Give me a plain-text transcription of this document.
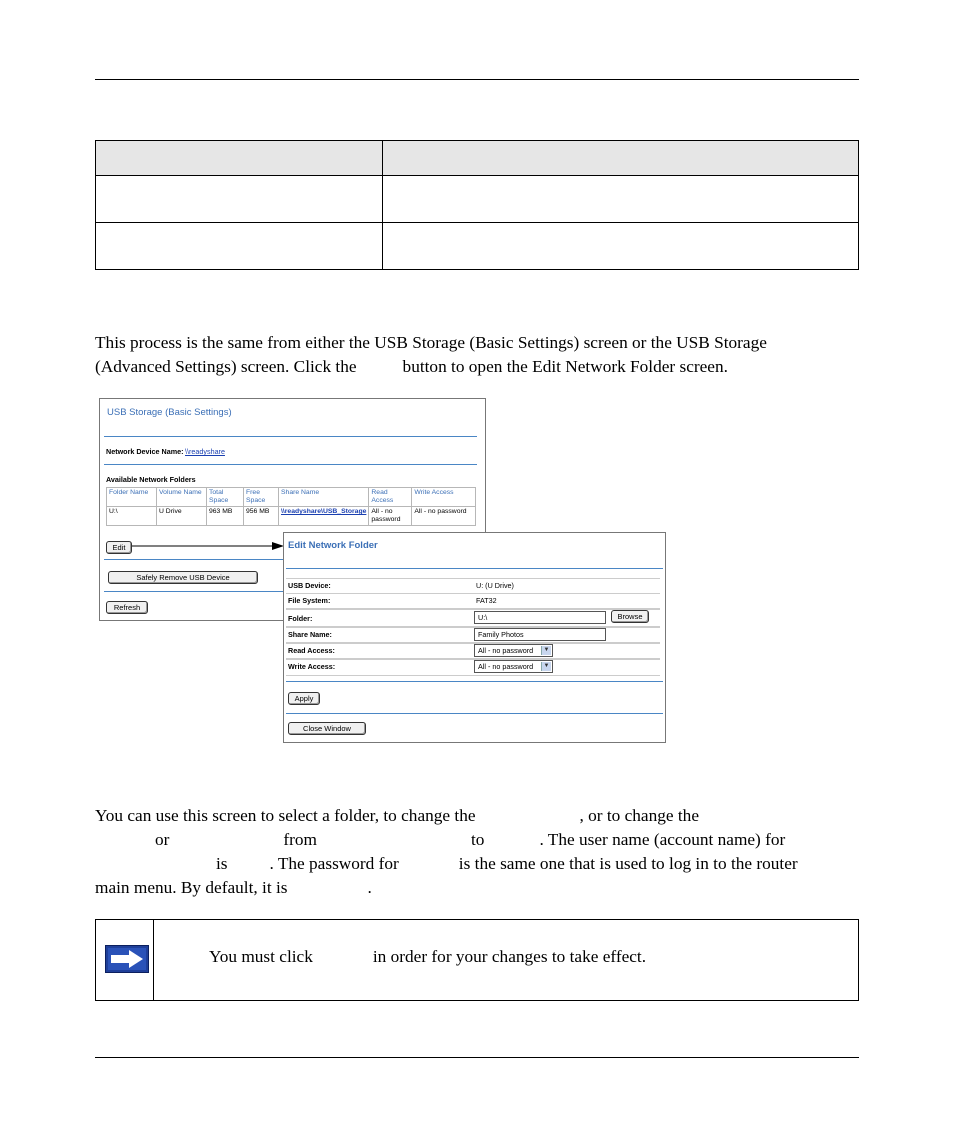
This process is the same from either the USB Storage (Basic Settings) screen or the USB Storage
(Advanced Settings) screen. Click the	button to open the Edit Network Folder screen.
USB Storage (Basic Settings)
Network Device Name: \\readyshare
Available Network Folders
Folder Name	Volume Name	Total Space	Free Space	Share Name	Read Access	Write Access
U:\	U Drive	963 MB	956 MB	\\readyshare\USB_Storage	All - no password	All - no password
Edit
Safely Remove USB Device
Refresh
Edit Network Folder
USB Device:	U: (U Drive)
File System:	FAT32
Folder:	U:\	Browse
Share Name:	Family Photos
Read Access:	All - no password	▼
Write Access:	All - no password	▼
Apply
Close Window
You can use this screen to select a folder, to change the	, or to change the
or	from	to	. The user name (account name) for
is . The password for	is the same one that is used to log in to the router
main menu. By default, it is	.
You must click	in order for your changes to take effect.
